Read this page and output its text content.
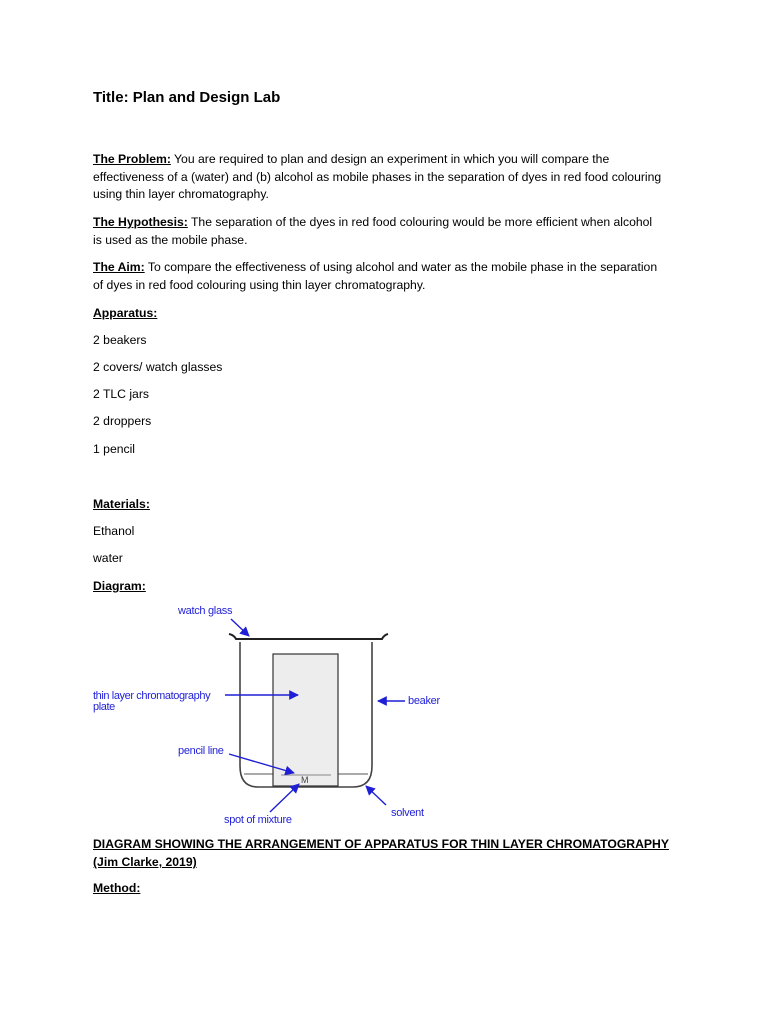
Title: Plan and Design Lab
The Problem: You are required to plan and design an experiment in which you will compare the effectiveness of a (water) and (b) alcohol as mobile phases in the separation of dyes in red food colouring using thin layer chromatography.
The Hypothesis: The separation of the dyes in red food colouring would be more efficient when alcohol is used as the mobile phase.
The Aim: To compare the effectiveness of using alcohol and water as the mobile phase in the separation of dyes in red food colouring using thin layer chromatography.
Apparatus:
2 beakers
2 covers/ watch glasses
2 TLC jars
2 droppers
1 pencil
Materials:
Ethanol
water
Diagram:
M
watch glass
thin layer chromatography plate	beaker
pencil line
spot of mixture
solvent
DIAGRAM SHOWING THE ARRANGEMENT OF APPARATUS FOR THIN LAYER CHROMATOGRAPHY
(Jim Clarke, 2019)
Method:
